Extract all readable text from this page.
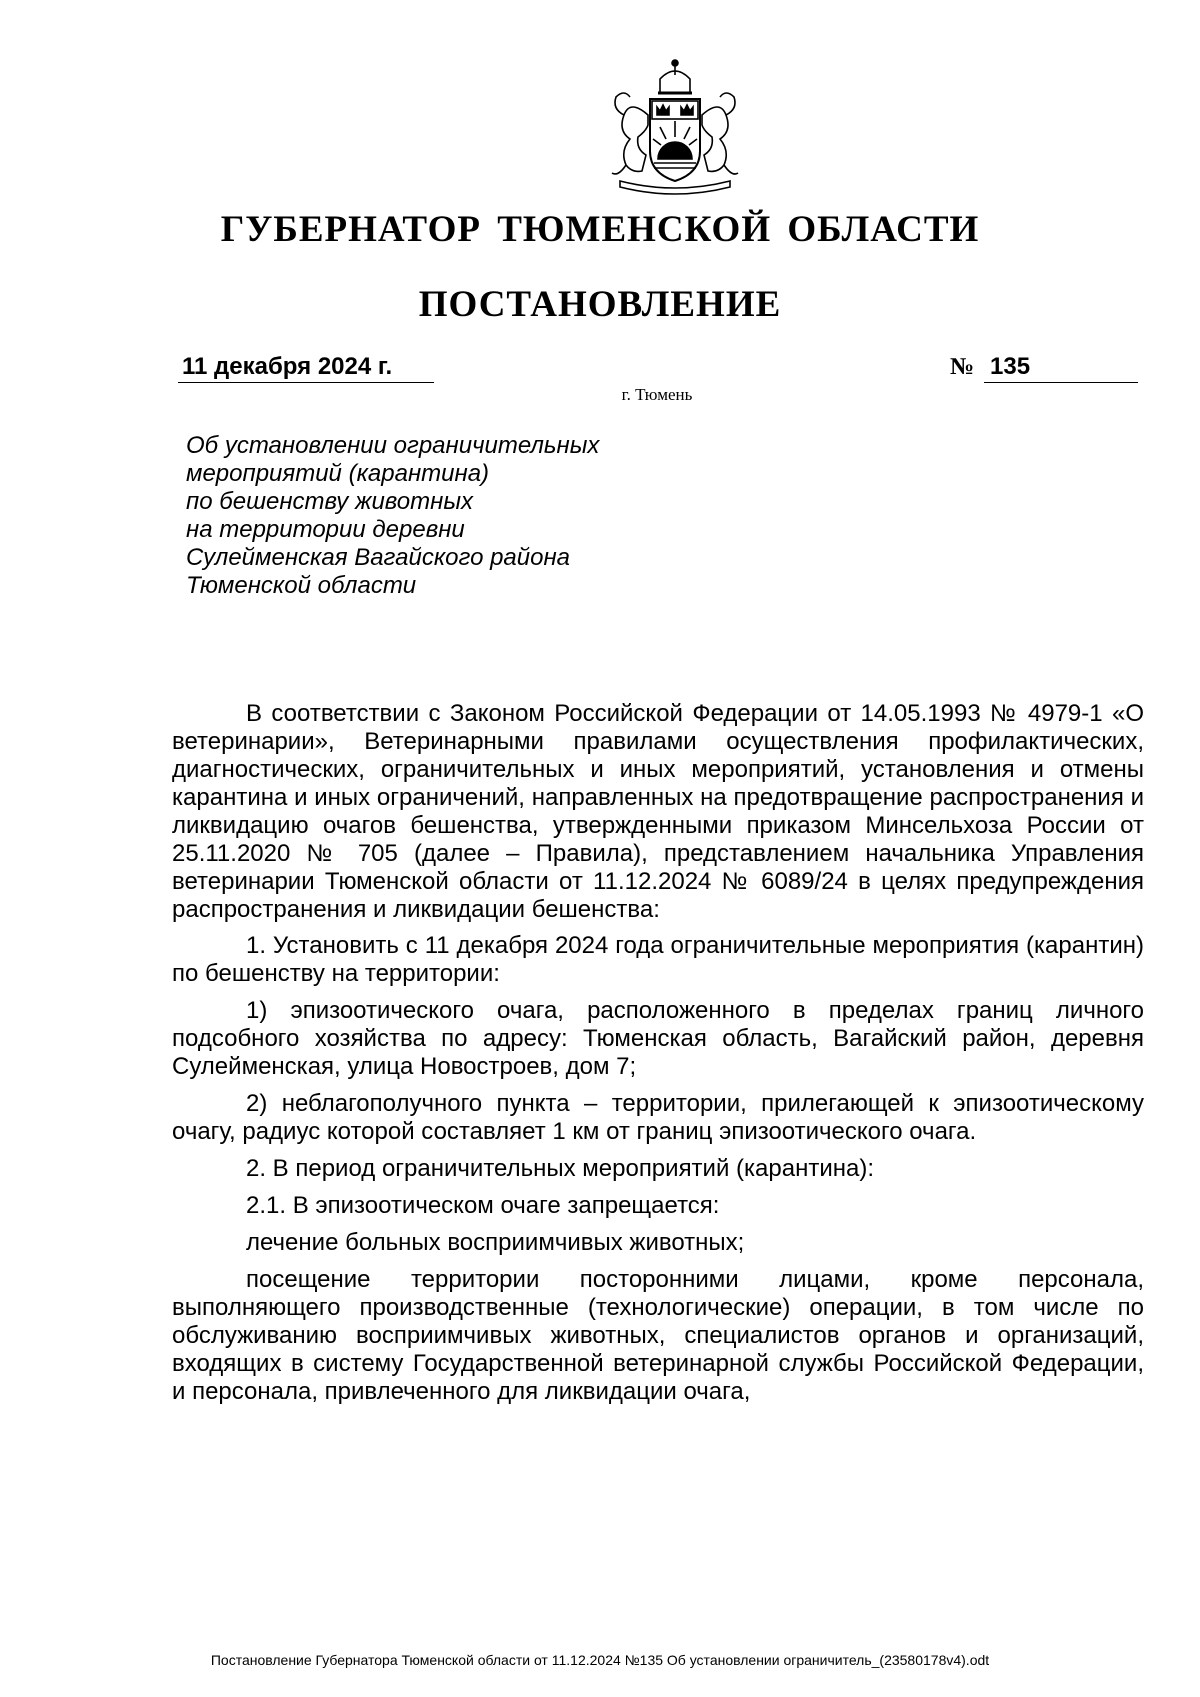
ГУБЕРНАТОР ТЮМЕНСКОЙ ОБЛАСТИ
ПОСТАНОВЛЕНИЕ
11 декабря 2024 г.	№ 135
г. Тюмень
Об установлении ограничительных
мероприятий (карантина)
по бешенству животных
на территории деревни
Сулейменская Вагайского района
Тюменской области

В соответствии с Законом Российской Федерации от 14.05.1993 № 4979-1 «О ветеринарии», Ветеринарными правилами осуществления профилактических, диагностических, ограничительных и иных мероприятий, установления и отмены карантина и иных ограничений, направленных на предотвращение распространения и ликвидацию очагов бешенства, утвержденными приказом Минсельхоза России от 25.11.2020 № 705 (далее – Правила), представлением начальника Управления ветеринарии Тюменской области от 11.12.2024 № 6089/24 в целях предупреждения распространения и ликвидации бешенства:

1. Установить с 11 декабря 2024 года ограничительные мероприятия (карантин) по бешенству на территории:

1) эпизоотического очага, расположенного в пределах границ личного подсобного хозяйства по адресу: Тюменская область, Вагайский район, деревня Сулейменская, улица Новостроев, дом 7;

2) неблагополучного пункта – территории, прилегающей к эпизоотическому очагу, радиус которой составляет 1 км от границ эпизоотического очага.

2. В период ограничительных мероприятий (карантина):

2.1. В эпизоотическом очаге запрещается:

лечение больных восприимчивых животных;

посещение территории посторонними лицами, кроме персонала, выполняющего производственные (технологические) операции, в том числе по обслуживанию восприимчивых животных, специалистов органов и организаций, входящих в систему Государственной ветеринарной службы Российской Федерации, и персонала, привлеченного для ликвидации очага,

Постановление Губернатора Тюменской области от 11.12.2024 №135 Об установлении ограничитель_(23580178v4).odt
